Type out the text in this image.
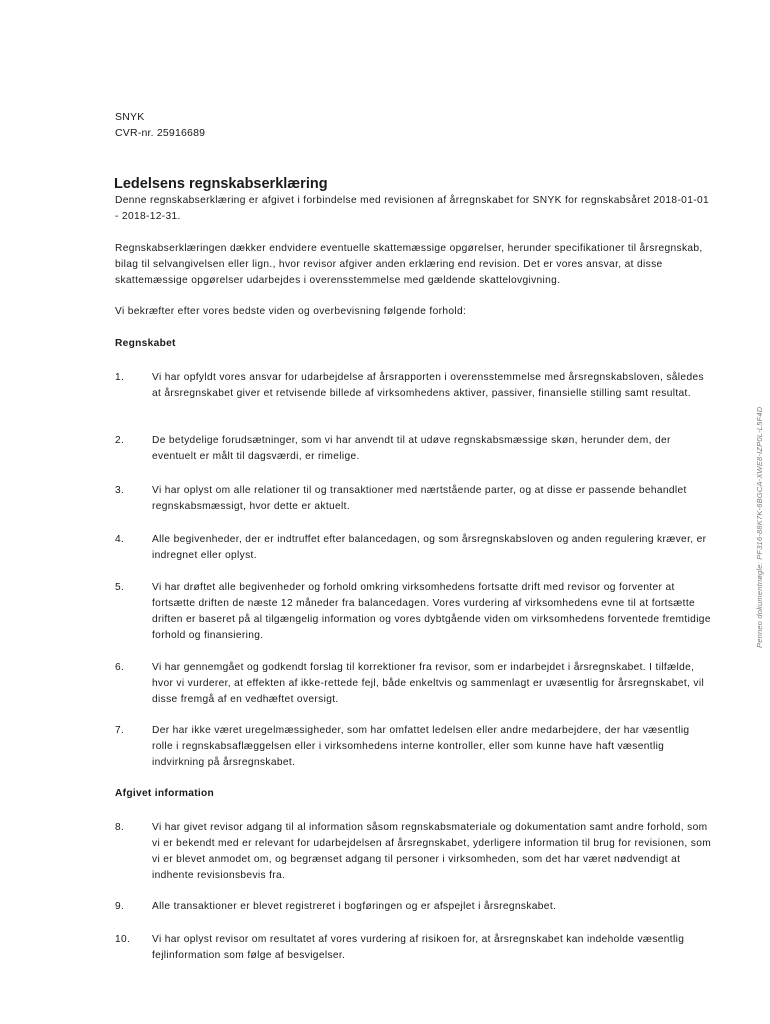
SNYK
CVR-nr. 25916689
Ledelsens regnskabserklæring

Denne regnskabserklæring er afgivet i forbindelse med revisionen af årregnskabet for SNYK for regnskabsåret 2018-01-01 - 2018-12-31.

Regnskabserklæringen dækker endvidere eventuelle skattemæssige opgørelser, herunder specifikationer til årsregnskab, bilag til selvangivelsen eller lign., hvor revisor afgiver anden erklæring end revision. Det er vores ansvar, at disse skattemæssige opgørelser udarbejdes i overensstemmelse med gældende skattelovgivning.

Vi bekræfter efter vores bedste viden og overbevisning følgende forhold:

Regnskabet

1.	Vi har opfyldt vores ansvar for udarbejdelse af årsrapporten i overensstemmelse med årsregnskabsloven, således at årsregnskabet giver et retvisende billede af virksomhedens aktiver, passiver, finansielle stilling samt resultat.
2.	De betydelige forudsætninger, som vi har anvendt til at udøve regnskabsmæssige skøn, herunder dem, der eventuelt er målt til dagsværdi, er rimelige.
3.	Vi har oplyst om alle relationer til og transaktioner med nærtstående parter, og at disse er passende behandlet regnskabsmæssigt, hvor dette er aktuelt.
4.	Alle begivenheder, der er indtruffet efter balancedagen, og som årsregnskabsloven og anden regulering kræver, er indregnet eller oplyst.
5.	Vi har drøftet alle begivenheder og forhold omkring virksomhedens fortsatte drift med revisor og forventer at fortsætte driften de næste 12 måneder fra balancedagen. Vores vurdering af virksomhedens evne til at fortsætte driften er baseret på al tilgængelig information og vores dybtgående viden om virksomhedens forventede fremtidige forhold og finansiering.
6.	Vi har gennemgået og godkendt forslag til korrektioner fra revisor, som er indarbejdet i årsregnskabet. I tilfælde, hvor vi vurderer, at effekten af ikke-rettede fejl, både enkeltvis og sammenlagt er uvæsentlig for årsregnskabet, vil disse fremgå af en vedhæftet oversigt.
7.	Der har ikke været uregelmæssigheder, som har omfattet ledelsen eller andre medarbejdere, der har væsentlig rolle i regnskabsaflæggelsen eller i virksomhedens interne kontroller, eller som kunne have haft væsentlig indvirkning på årsregnskabet.

Afgivet information

8.	Vi har givet revisor adgang til al information såsom regnskabsmateriale og dokumentation samt andre forhold, som vi er bekendt med er relevant for udarbejdelsen af årsregnskabet, yderligere information til brug for revisionen, som vi er blevet anmodet om, og begrænset adgang til personer i virksomheden, som det har været nødvendigt at indhente revisionsbevis fra.
9.	Alle transaktioner er blevet registreret i bogføringen og er afspejlet i årsregnskabet.
10.	Vi har oplyst revisor om resultatet af vores vurdering af risikoen for, at årsregnskabet kan indeholde væsentlig fejlinformation som følge af besvigelser.
Penneo dokumentnøgle: PF316-88K7K-6BGCA-XWE8-IZP0L-L5F4D
